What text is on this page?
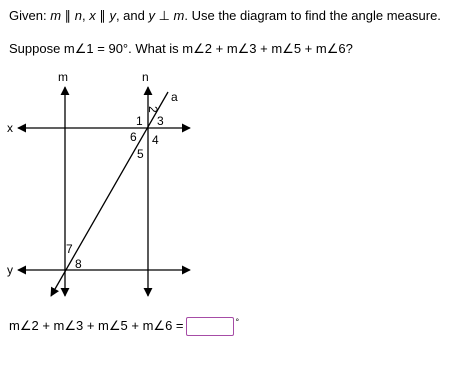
Given: m ∥ n, x ∥ y, and y ⊥ m. Use the diagram to find the angle measure.
Suppose m∠1 = 90°. What is m∠2 + m∠3 + m∠5 + m∠6?
m	n
x
y
a
1
2
3
4
5
6
7
8
m∠2 + m∠3 + m∠5 + m∠6 =	°
